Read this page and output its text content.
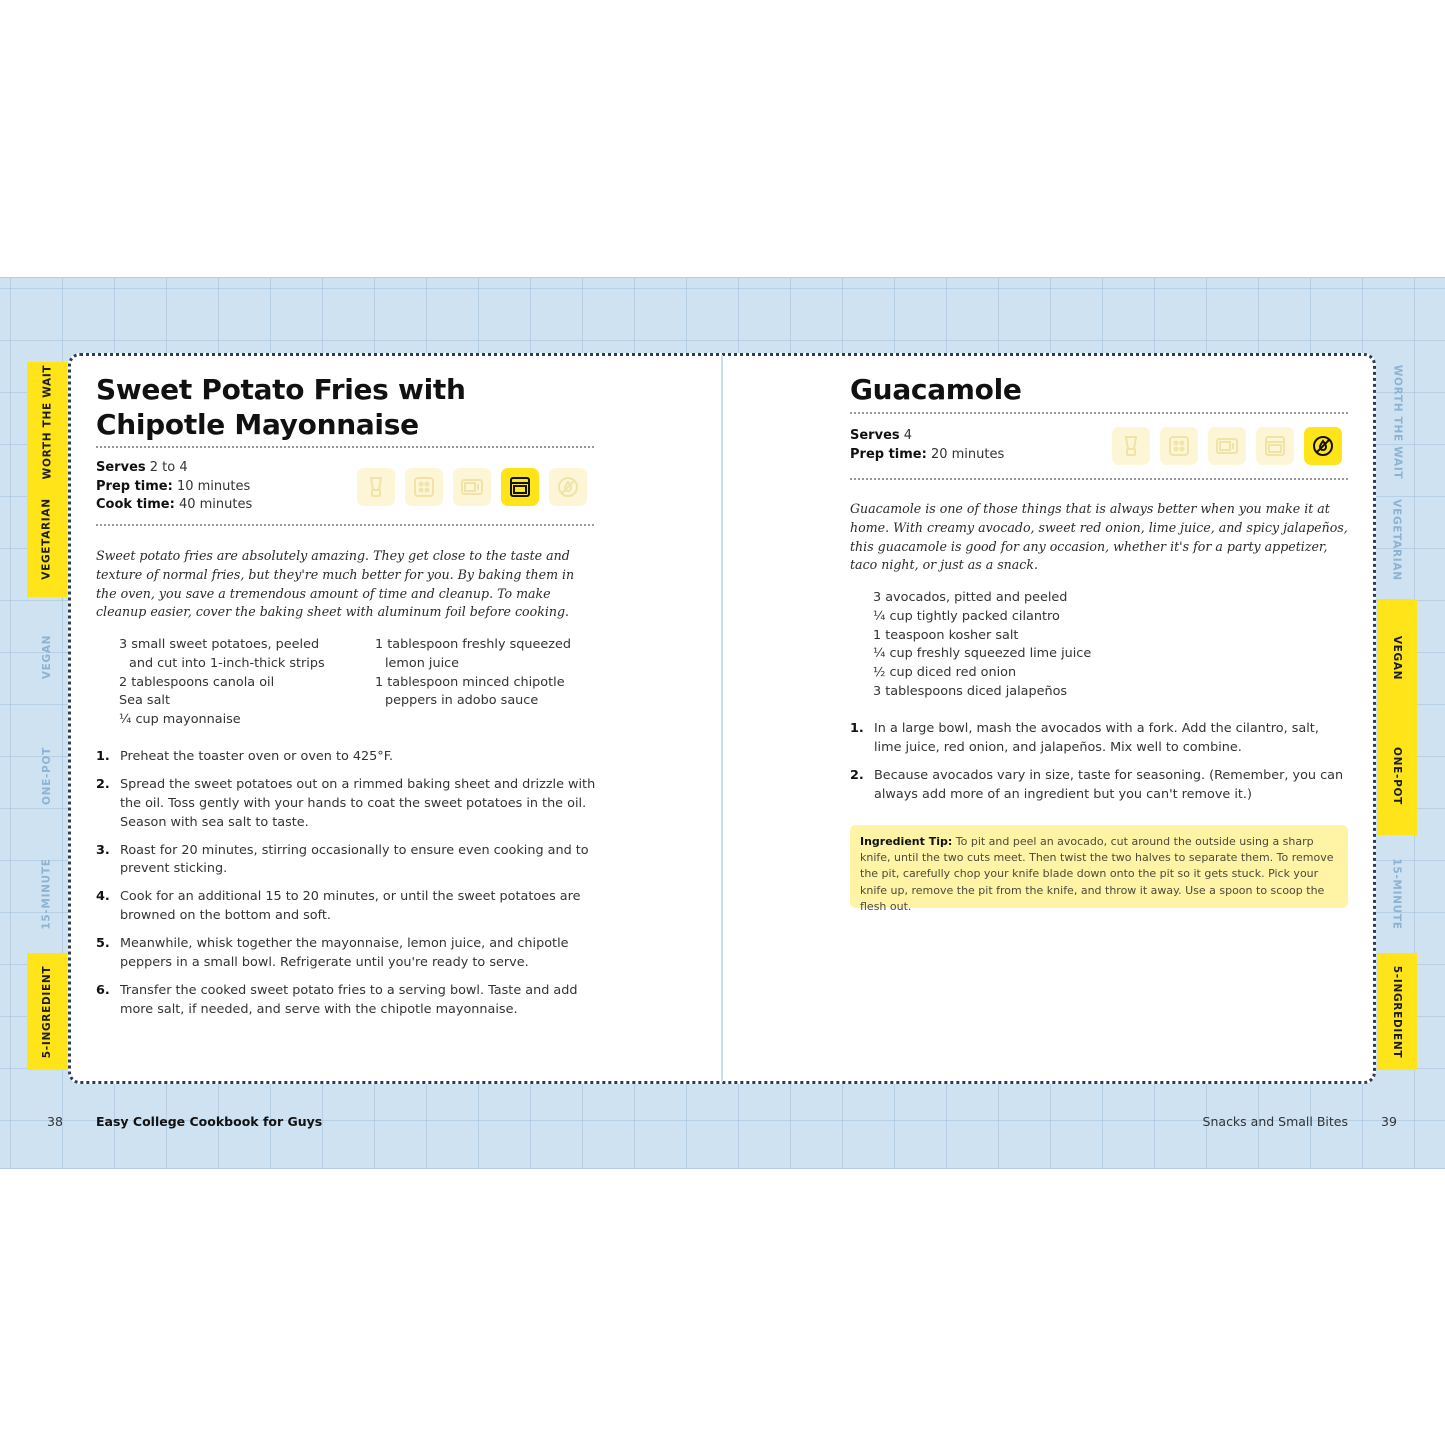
WORTH THE WAIT
VEGETARIAN
VEGAN
ONE-POT
15-MINUTE
5-INGREDIENT
WORTH THE WAIT
VEGETARIAN
VEGAN
ONE-POT
15-MINUTE
5-INGREDIENT
Sweet Potato Fries with
Chipotle Mayonnaise
Serves 2 to 4
Prep time: 10 minutes
Cook time: 40 minutes
Sweet potato fries are absolutely amazing. They get close to the taste and texture of normal fries, but they're much better for you. By baking them in the oven, you save a tremendous amount of time and cleanup. To make cleanup easier, cover the baking sheet with aluminum foil before cooking.
3 small sweet potatoes, peeled and cut into 1-inch-thick strips
2 tablespoons canola oil
Sea salt
¼ cup mayonnaise
1 tablespoon freshly squeezed lemon juice
1 tablespoon minced chipotle peppers in adobo sauce
1. Preheat the toaster oven or oven to 425°F.
2. Spread the sweet potatoes out on a rimmed baking sheet and drizzle with the oil. Toss gently with your hands to coat the sweet potatoes in the oil. Season with sea salt to taste.
3. Roast for 20 minutes, stirring occasionally to ensure even cooking and to prevent sticking.
4. Cook for an additional 15 to 20 minutes, or until the sweet potatoes are browned on the bottom and soft.
5. Meanwhile, whisk together the mayonnaise, lemon juice, and chipotle peppers in a small bowl. Refrigerate until you're ready to serve.
6. Transfer the cooked sweet potato fries to a serving bowl. Taste and add more salt, if needed, and serve with the chipotle mayonnaise.
Guacamole
Serves 4
Prep time: 20 minutes
Guacamole is one of those things that is always better when you make it at home. With creamy avocado, sweet red onion, lime juice, and spicy jalapeños, this guacamole is good for any occasion, whether it's for a party appetizer, taco night, or just as a snack.
3 avocados, pitted and peeled
¼ cup tightly packed cilantro
1 teaspoon kosher salt
¼ cup freshly squeezed lime juice
½ cup diced red onion
3 tablespoons diced jalapeños
1. In a large bowl, mash the avocados with a fork. Add the cilantro, salt, lime juice, red onion, and jalapeños. Mix well to combine.
2. Because avocados vary in size, taste for seasoning. (Remember, you can always add more of an ingredient but you can't remove it.)
Ingredient Tip: To pit and peel an avocado, cut around the outside using a sharp knife, until the two cuts meet. Then twist the two halves to separate them. To remove the pit, carefully chop your knife blade down onto the pit so it gets stuck. Pick your knife up, remove the pit from the knife, and throw it away. Use a spoon to scoop the flesh out.
38	Easy College Cookbook for Guys	Snacks and Small Bites	39
